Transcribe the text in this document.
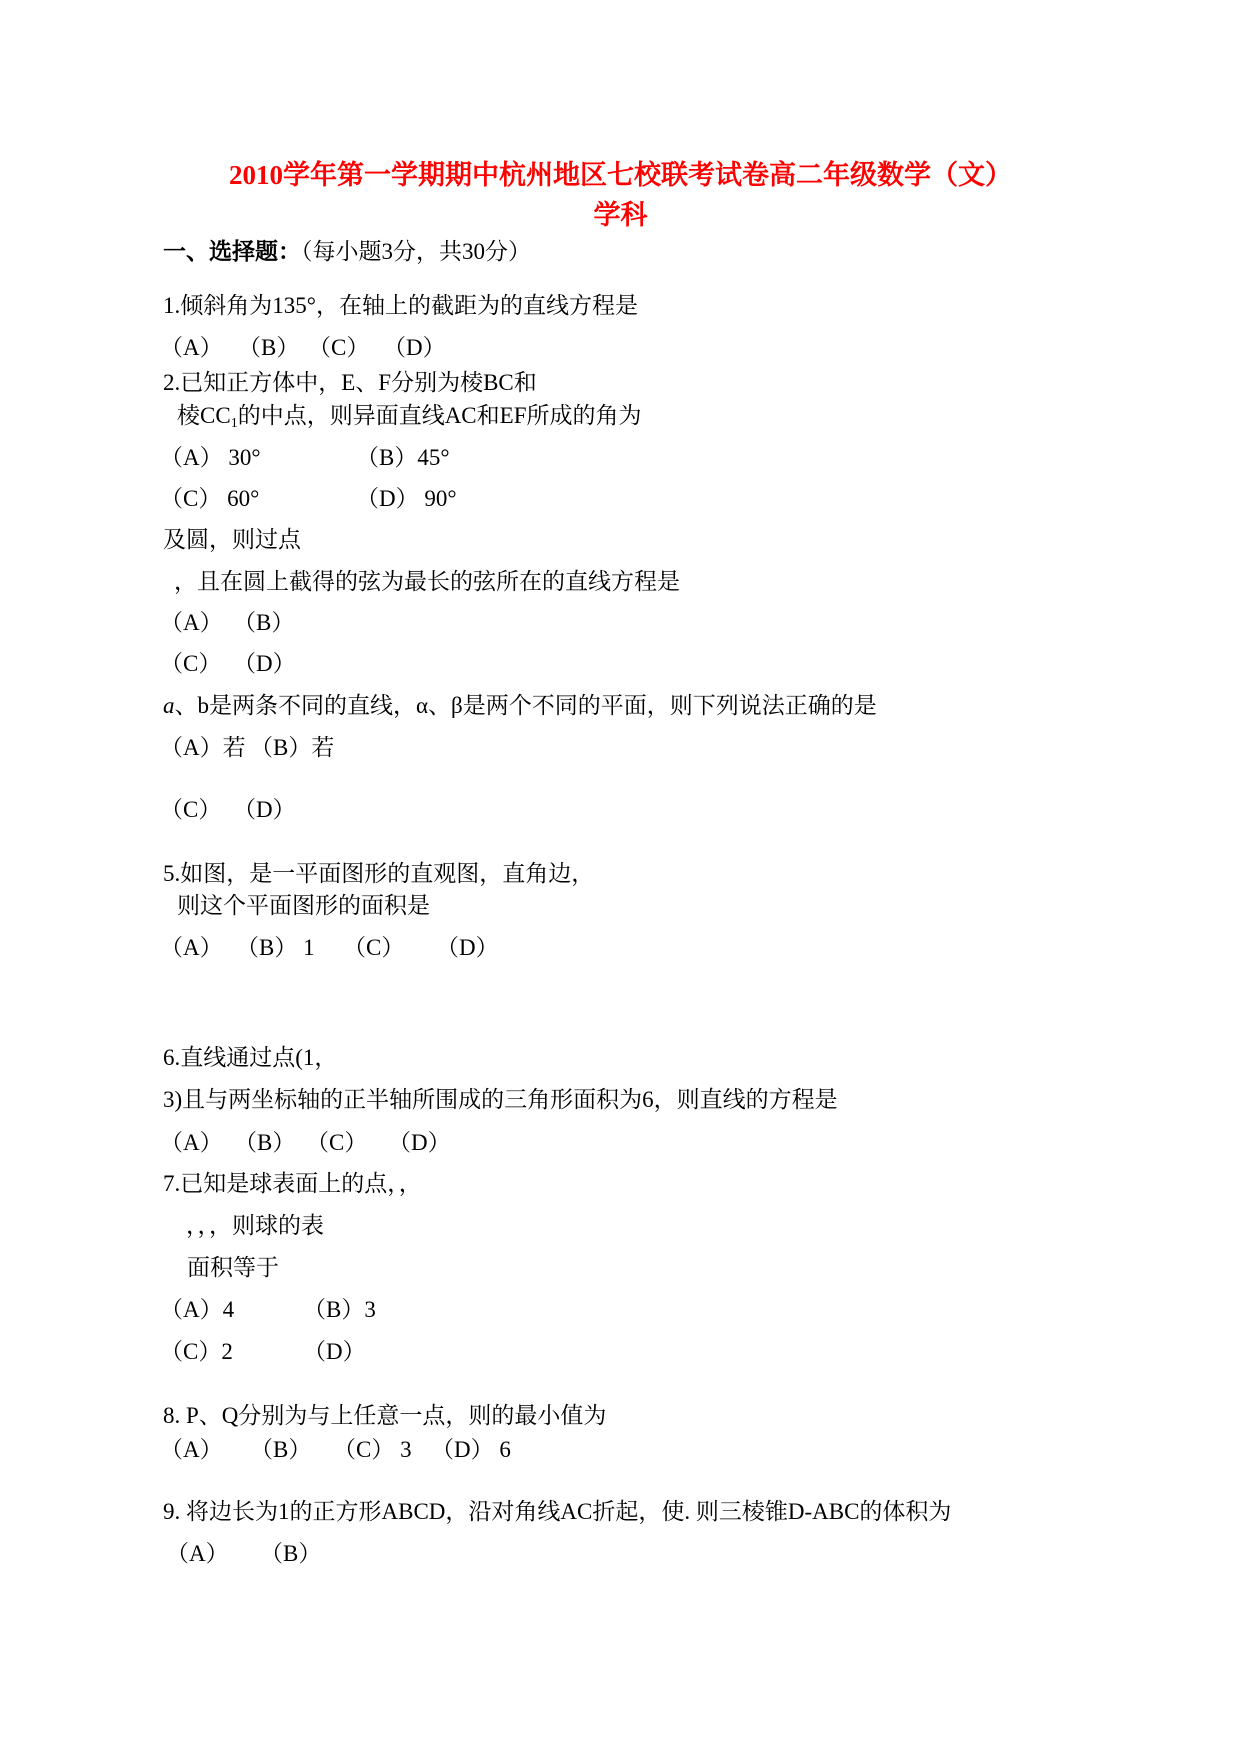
2010学年第一学期期中杭州地区七校联考试卷高二年级数学（文）
学科
一、选择题：（每小题3分，共30分）
1.倾斜角为135°，在轴上的截距为的直线方程是
（A） （B） （C） （D）
2.已知正方体中，E、F分别为棱BC和
棱$CC_1$的中点，则异面直线AC和EF所成的角为
（A） 30°	（B）45°
（C） 60°	（D） 90°
及圆，则过点
，且在圆上截得的弦为最长的弦所在的直线方程是
（A） （B）
（C） （D）
a、b是两条不同的直线，α、β是两个不同的平面，则下列说法正确的是
（A）若 （B）若
（C） （D）
5.如图，是一平面图形的直观图，直角边，
则这个平面图形的面积是
（A） （B） 1 （C） （D）
6.直线通过点(1，
3)且与两坐标轴的正半轴所围成的三角形面积为6，则直线的方程是
（A） （B） （C） （D）
7.已知是球表面上的点，，
，，，则球的表
面积等于
（A）4	（B）3
（C）2	（D）
8. P、Q分别为与上任意一点，则的最小值为
（A） （B） （C） 3 （D） 6
9. 将边长为1的正方形ABCD，沿对角线AC折起，使. 则三棱锥D-ABC的体积为
（A） （B）
